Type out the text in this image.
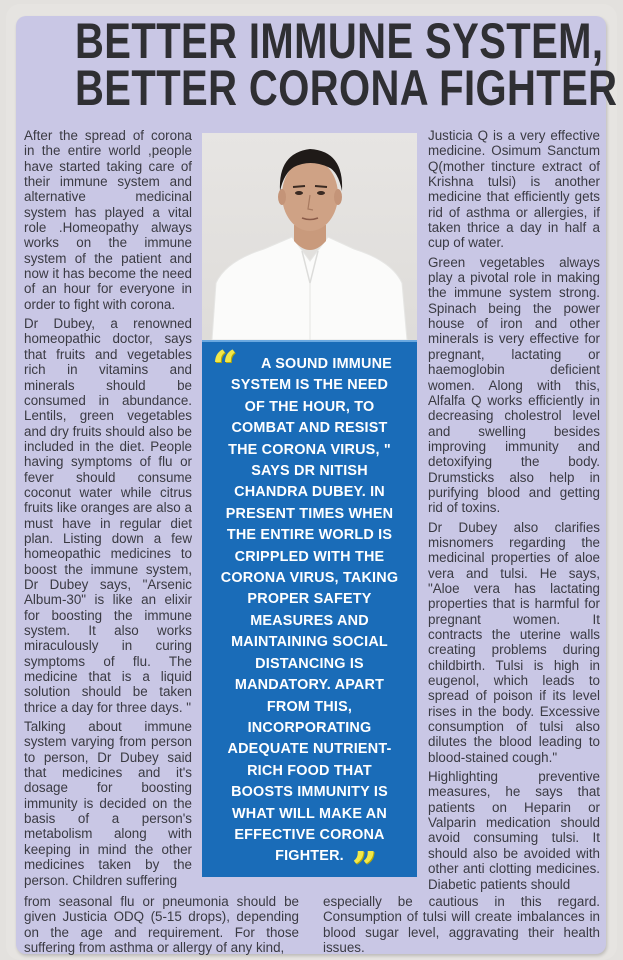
BETTER IMMUNE SYSTEM,
BETTER CORONA FIGHTER

After the spread of corona in the entire world ,people have started taking care of their immune system and alternative medicinal system has played a vital role .Homeopathy always works on the immune system of the patient and now it has become the need of an hour for everyone in order to fight with corona.

Dr Dubey, a renowned homeopathic doctor, says that fruits and vegetables rich in vitamins and minerals should be consumed in abundance. Lentils, green vegetables and dry fruits should also be included in the diet. People having symptoms of flu or fever should consume coconut water while citrus fruits like oranges are also a must have in regular diet plan. Listing down a few homeopathic medicines to boost the immune system, Dr Dubey says, "Arsenic Album-30" is like an elixir for boosting the immune system. It also works miraculously in curing symptoms of flu. The medicine that is a liquid solution should be taken thrice a day for three days. "

Talking about immune system varying from person to person, Dr Dubey said that medicines and it's dosage for boosting immunity is decided on the basis of a person's metabolism along with keeping in mind the other medicines taken by the person. Children suffering

from seasonal flu or pneumonia should be given Justicia ODQ (5-15 drops), depending on the age and requirement. For those suffering from asthma or allergy of any kind,
“	A SOUND IMMUNE
SYSTEM IS THE NEED
OF THE HOUR, TO
COMBAT AND RESIST
THE CORONA VIRUS, "
SAYS DR NITISH
CHANDRA DUBEY. IN
PRESENT TIMES WHEN
THE ENTIRE WORLD IS
CRIPPLED WITH THE
CORONA VIRUS, TAKING
PROPER SAFETY
MEASURES AND
MAINTAINING SOCIAL
DISTANCING IS
MANDATORY. APART
FROM THIS,
INCORPORATING
ADEQUATE NUTRIENT-
RICH FOOD THAT
BOOSTS IMMUNITY IS
WHAT WILL MAKE AN
EFFECTIVE CORONA
FIGHTER. ”

Justicia Q is a very effective medicine. Osimum Sanctum Q(mother tincture extract of Krishna tulsi) is another medicine that efficiently gets rid of asthma or allergies, if taken thrice a day in half a cup of water.

Green vegetables always play a pivotal role in making the immune system strong. Spinach being the power house of iron and other minerals is very effective for pregnant, lactating or haemoglobin deficient women. Along with this, Alfalfa Q works efficiently in decreasing cholestrol level and swelling besides improving immunity and detoxifying the body. Drumsticks also help in purifying blood and getting rid of toxins.

Dr Dubey also clarifies misnomers regarding the medicinal properties of aloe vera and tulsi. He says, "Aloe vera has lactating properties that is harmful for pregnant women. It contracts the uterine walls creating problems during childbirth. Tulsi is high in eugenol, which leads to spread of poison if its level rises in the body. Excessive consumption of tulsi also dilutes the blood leading to blood-stained cough."

Highlighting preventive measures, he says that patients on Heparin or Valparin medication should avoid consuming tulsi. It should also be avoided with other anti clotting medicines. Diabetic patients should

especially be cautious in this regard. Consumption of tulsi will create imbalances in blood sugar level, aggravating their health issues.
